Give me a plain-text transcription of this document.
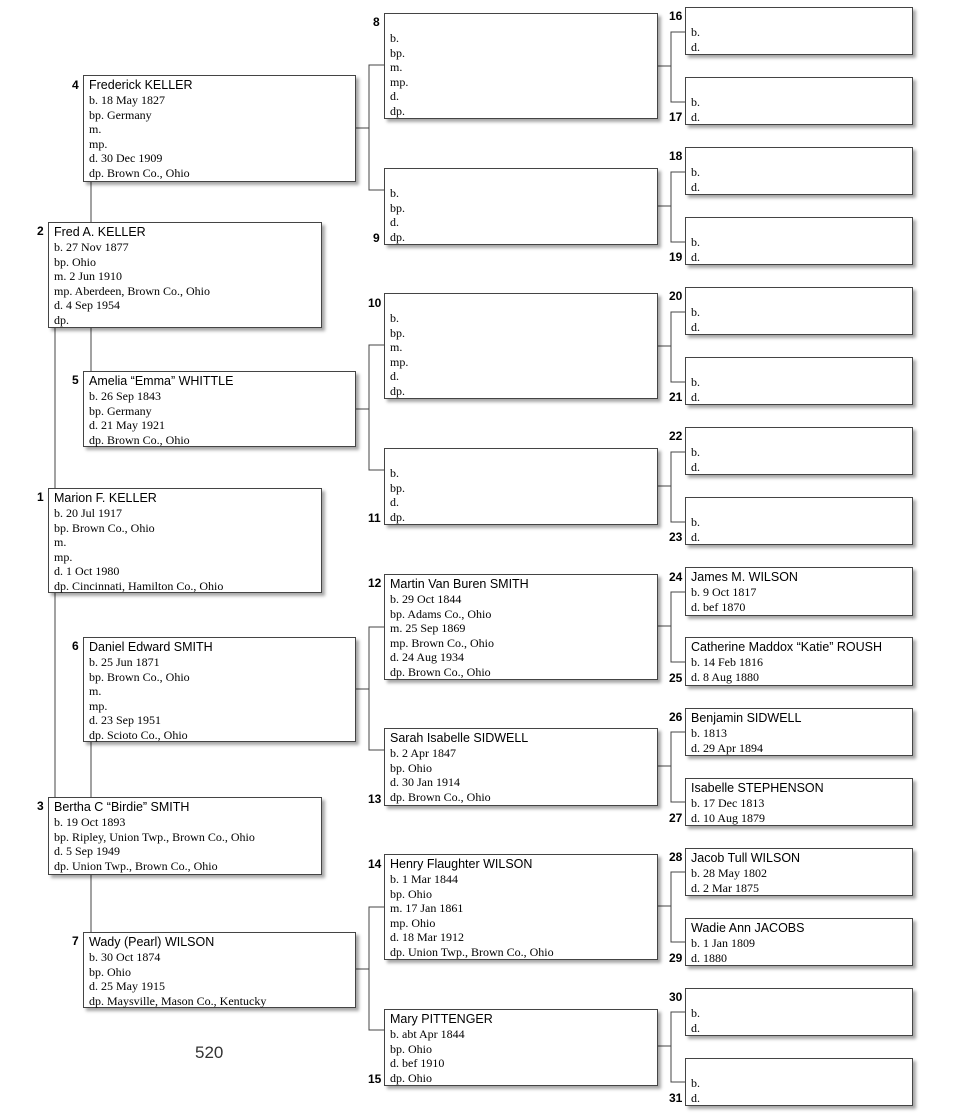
Marion F. KELLER
b. 20 Jul 1917
bp. Brown Co., Ohio
m.
mp.
d. 1 Oct 1980
dp. Cincinnati, Hamilton Co., Ohio
1
Fred A. KELLER
b. 27 Nov 1877
bp. Ohio
m. 2 Jun 1910
mp. Aberdeen, Brown Co., Ohio
d. 4 Sep 1954
dp.
2
Bertha C “Birdie” SMITH
b. 19 Oct 1893
bp. Ripley, Union Twp., Brown Co., Ohio
d. 5 Sep 1949
dp. Union Twp., Brown Co., Ohio
3
Frederick KELLER
b. 18 May 1827
bp. Germany
m.
mp.
d. 30 Dec 1909
dp. Brown Co., Ohio
4
Amelia “Emma” WHITTLE
b. 26 Sep 1843
bp. Germany
d. 21 May 1921
dp. Brown Co., Ohio
5
Daniel Edward SMITH
b. 25 Jun 1871
bp. Brown Co., Ohio
m.
mp.
d. 23 Sep 1951
dp. Scioto Co., Ohio
6
Wady (Pearl) WILSON
b. 30 Oct 1874
bp. Ohio
d. 25 May 1915
dp. Maysville, Mason Co., Kentucky
7
b.
bp.
m.
mp.
d.
dp.
8
b.
bp.
d.
dp.
9
b.
bp.
m.
mp.
d.
dp.
10
b.
bp.
d.
dp.
11
Martin Van Buren SMITH
b. 29 Oct 1844
bp. Adams Co., Ohio
m. 25 Sep 1869
mp. Brown Co., Ohio
d. 24 Aug 1934
dp. Brown Co., Ohio
12
Sarah Isabelle SIDWELL
b. 2 Apr 1847
bp. Ohio
d. 30 Jan 1914
dp. Brown Co., Ohio
13
Henry Flaughter WILSON
b. 1 Mar 1844
bp. Ohio
m. 17 Jan 1861
mp. Ohio
d. 18 Mar 1912
dp. Union Twp., Brown Co., Ohio
14
Mary PITTENGER
b. abt Apr 1844
bp. Ohio
d. bef 1910
dp. Ohio
15
b.
d.
16
b.
d.
17
b.
d.
18
b.
d.
19
b.
d.
20
b.
d.
21
b.
d.
22
b.
d.
23
James M. WILSON
b. 9 Oct 1817
d. bef 1870
24
Catherine Maddox “Katie” ROUSH
b. 14 Feb 1816
d. 8 Aug 1880
25
Benjamin SIDWELL
b. 1813
d. 29 Apr 1894
26
Isabelle STEPHENSON
b. 17 Dec 1813
d. 10 Aug 1879
27
Jacob Tull WILSON
b. 28 May 1802
d. 2 Mar 1875
28
Wadie Ann JACOBS
b. 1 Jan 1809
d. 1880
29
b.
d.
30
b.
d.
31
520
